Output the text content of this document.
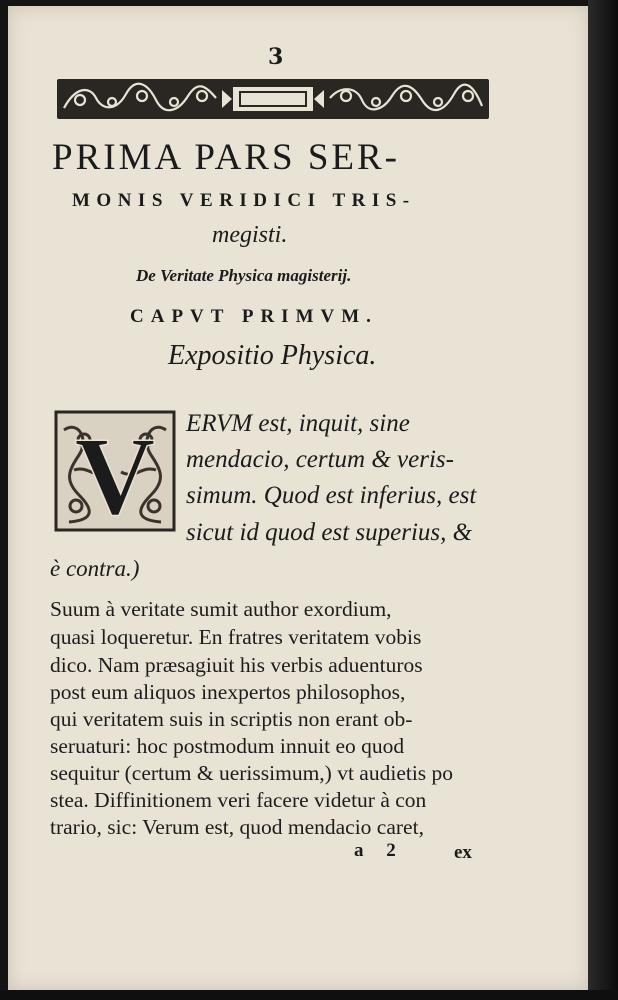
3
PRIMA PARS SER-
MONIS VERIDICI TRIS-
megisti.
De Veritate Physica magisterij.
CAPVT PRIMVM.
Expositio Physica.
V ERVM est, inquit, sine
mendacio, certum & veris-
simum. Quod est inferius, est
sicut id quod est superius, &
è contra.)
Suum à veritate sumit author exordium,
quasi loqueretur. En fratres veritatem vobis
dico. Nam præsagiuit his verbis aduenturos
post eum aliquos inexpertos philosophos,
qui veritatem suis in scriptis non erant ob-
seruaturi: hoc postmodum innuit eo quod
sequitur (certum & uerissimum,) vt audietis po
stea. Diffinitionem veri facere videtur à con
trario, sic: Verum est, quod mendacio caret,
a 2	ex
